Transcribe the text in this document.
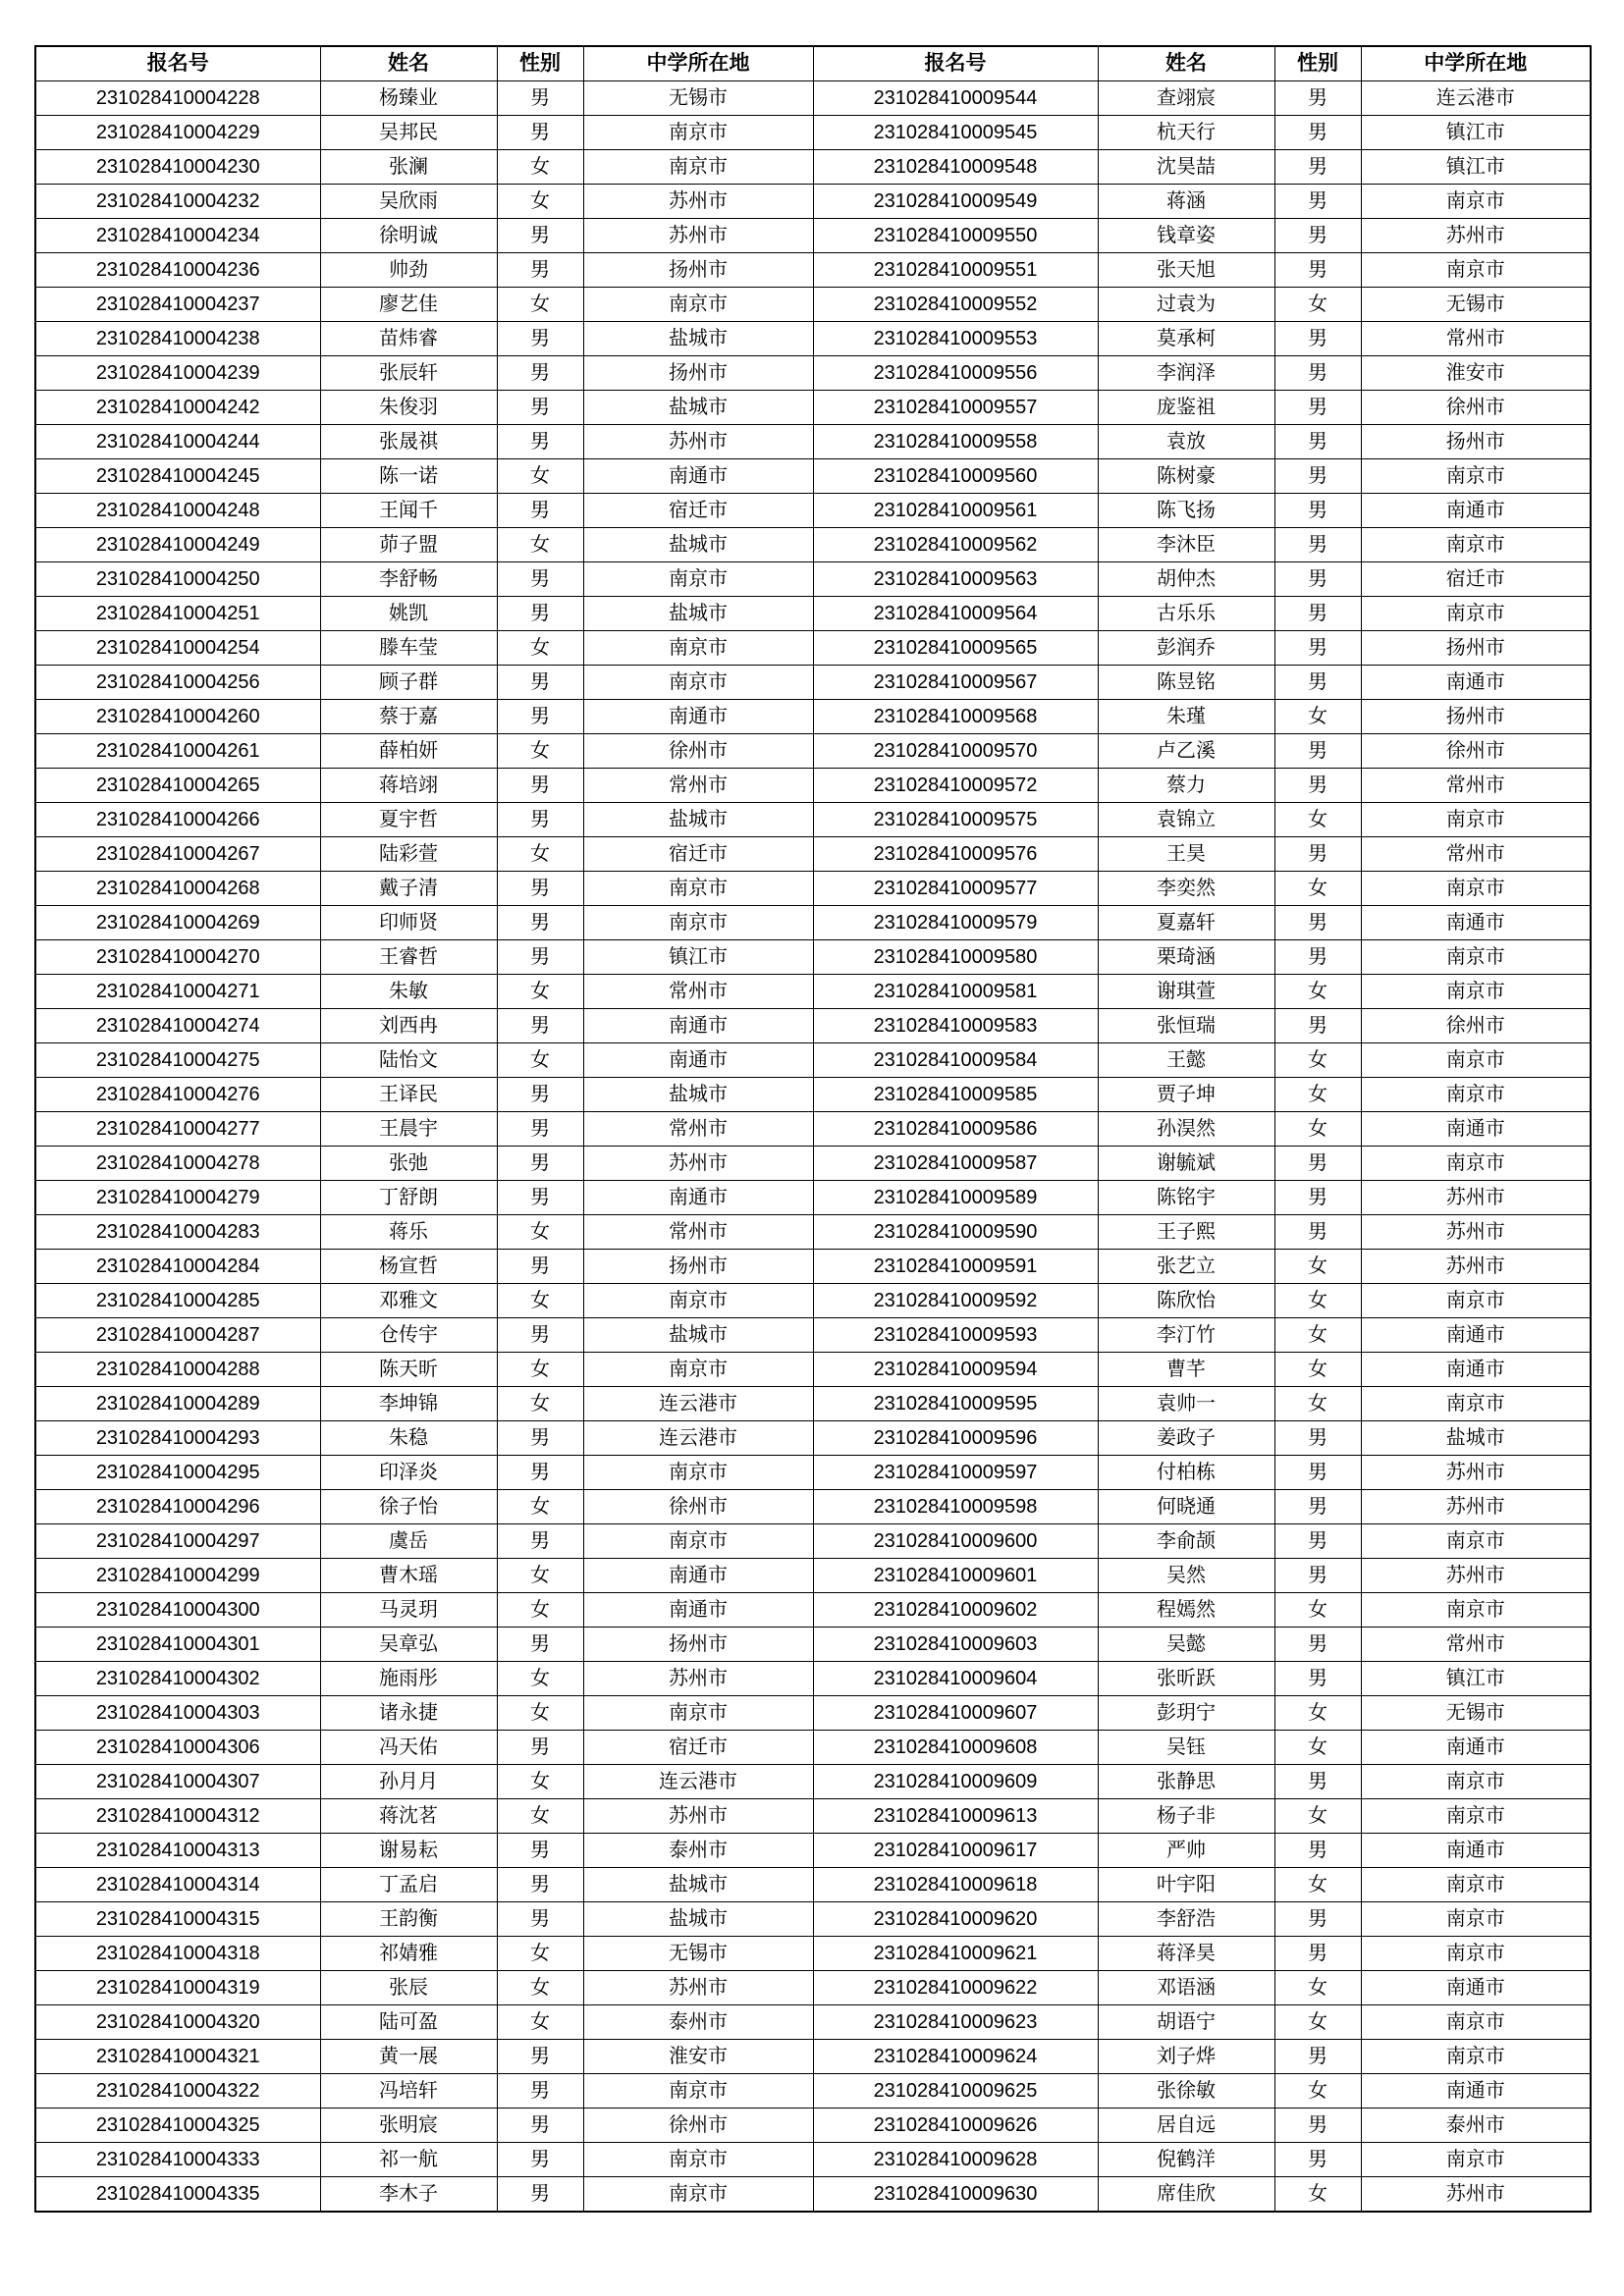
报名号	姓名	性别	中学所在地	报名号	姓名	性别	中学所在地
231028410004228	杨臻业	男	无锡市	231028410009544	查翊宸	男	连云港市
231028410004229	吴邦民	男	南京市	231028410009545	杭天行	男	镇江市
231028410004230	张澜	女	南京市	231028410009548	沈昊喆	男	镇江市
231028410004232	吴欣雨	女	苏州市	231028410009549	蒋涵	男	南京市
231028410004234	徐明诚	男	苏州市	231028410009550	钱章姿	男	苏州市
231028410004236	帅劲	男	扬州市	231028410009551	张天旭	男	南京市
231028410004237	廖艺佳	女	南京市	231028410009552	过袁为	女	无锡市
231028410004238	苗炜睿	男	盐城市	231028410009553	莫承柯	男	常州市
231028410004239	张辰轩	男	扬州市	231028410009556	李润泽	男	淮安市
231028410004242	朱俊羽	男	盐城市	231028410009557	庞鉴祖	男	徐州市
231028410004244	张晟祺	男	苏州市	231028410009558	袁放	男	扬州市
231028410004245	陈一诺	女	南通市	231028410009560	陈树豪	男	南京市
231028410004248	王闻千	男	宿迁市	231028410009561	陈飞扬	男	南通市
231028410004249	茆子盟	女	盐城市	231028410009562	李沐臣	男	南京市
231028410004250	李舒畅	男	南京市	231028410009563	胡仲杰	男	宿迁市
231028410004251	姚凯	男	盐城市	231028410009564	古乐乐	男	南京市
231028410004254	滕车莹	女	南京市	231028410009565	彭润乔	男	扬州市
231028410004256	顾子群	男	南京市	231028410009567	陈昱铭	男	南通市
231028410004260	蔡于嘉	男	南通市	231028410009568	朱瑾	女	扬州市
231028410004261	薛柏妍	女	徐州市	231028410009570	卢乙溪	男	徐州市
231028410004265	蒋培翊	男	常州市	231028410009572	蔡力	男	常州市
231028410004266	夏宇哲	男	盐城市	231028410009575	袁锦立	女	南京市
231028410004267	陆彩萱	女	宿迁市	231028410009576	王昊	男	常州市
231028410004268	戴子清	男	南京市	231028410009577	李奕然	女	南京市
231028410004269	印师贤	男	南京市	231028410009579	夏嘉轩	男	南通市
231028410004270	王睿哲	男	镇江市	231028410009580	栗琦涵	男	南京市
231028410004271	朱敏	女	常州市	231028410009581	谢琪萱	女	南京市
231028410004274	刘西冉	男	南通市	231028410009583	张恒瑞	男	徐州市
231028410004275	陆怡文	女	南通市	231028410009584	王懿	女	南京市
231028410004276	王译民	男	盐城市	231028410009585	贾子坤	女	南京市
231028410004277	王晨宇	男	常州市	231028410009586	孙淏然	女	南通市
231028410004278	张弛	男	苏州市	231028410009587	谢毓斌	男	南京市
231028410004279	丁舒朗	男	南通市	231028410009589	陈铭宇	男	苏州市
231028410004283	蒋乐	女	常州市	231028410009590	王子熙	男	苏州市
231028410004284	杨宣哲	男	扬州市	231028410009591	张艺立	女	苏州市
231028410004285	邓雅文	女	南京市	231028410009592	陈欣怡	女	南京市
231028410004287	仓传宇	男	盐城市	231028410009593	李汀竹	女	南通市
231028410004288	陈天昕	女	南京市	231028410009594	曹芊	女	南通市
231028410004289	李坤锦	女	连云港市	231028410009595	袁帅一	女	南京市
231028410004293	朱稳	男	连云港市	231028410009596	姜政子	男	盐城市
231028410004295	印泽炎	男	南京市	231028410009597	付柏栋	男	苏州市
231028410004296	徐子怡	女	徐州市	231028410009598	何晓通	男	苏州市
231028410004297	虞岳	男	南京市	231028410009600	李俞颉	男	南京市
231028410004299	曹木瑶	女	南通市	231028410009601	吴然	男	苏州市
231028410004300	马灵玥	女	南通市	231028410009602	程嫣然	女	南京市
231028410004301	吴章弘	男	扬州市	231028410009603	吴懿	男	常州市
231028410004302	施雨彤	女	苏州市	231028410009604	张昕跃	男	镇江市
231028410004303	诸永捷	女	南京市	231028410009607	彭玥宁	女	无锡市
231028410004306	冯天佑	男	宿迁市	231028410009608	吴钰	女	南通市
231028410004307	孙月月	女	连云港市	231028410009609	张静思	男	南京市
231028410004312	蒋沈茗	女	苏州市	231028410009613	杨子非	女	南京市
231028410004313	谢易耘	男	泰州市	231028410009617	严帅	男	南通市
231028410004314	丁孟启	男	盐城市	231028410009618	叶宇阳	女	南京市
231028410004315	王韵衡	男	盐城市	231028410009620	李舒浩	男	南京市
231028410004318	祁婧雅	女	无锡市	231028410009621	蒋泽昊	男	南京市
231028410004319	张辰	女	苏州市	231028410009622	邓语涵	女	南通市
231028410004320	陆可盈	女	泰州市	231028410009623	胡语宁	女	南京市
231028410004321	黄一展	男	淮安市	231028410009624	刘子烨	男	南京市
231028410004322	冯培轩	男	南京市	231028410009625	张徐敏	女	南通市
231028410004325	张明宸	男	徐州市	231028410009626	居自远	男	泰州市
231028410004333	祁一航	男	南京市	231028410009628	倪鹤洋	男	南京市
231028410004335	李木子	男	南京市	231028410009630	席佳欣	女	苏州市
